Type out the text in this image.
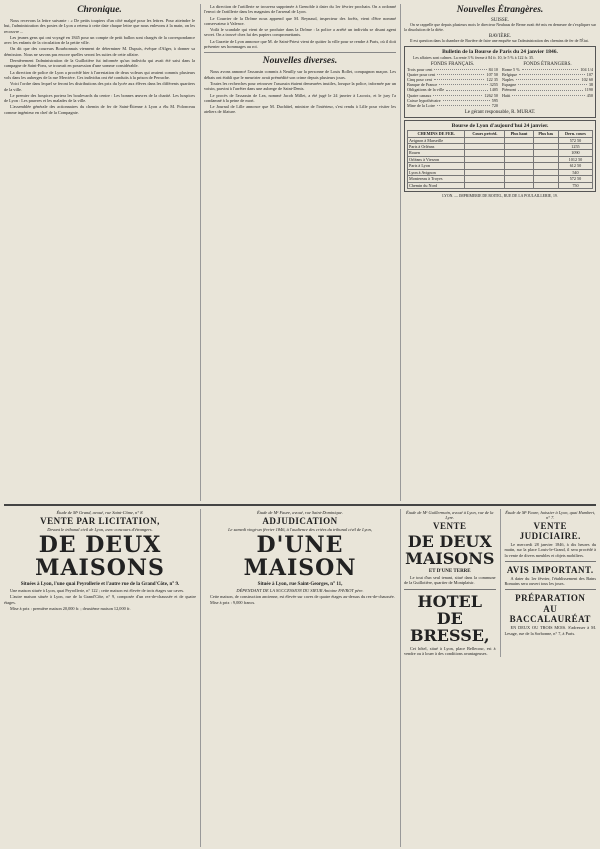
Chronique.

Nous recevons la lettre suivante : « De petits toupiers d'un côté malgré pour les lettres. Pour atteindre le but, l'administration des postes de Lyon a retenu à cette date chaque lettre que nous enlevons à la main, on les recouvre ...

Les jeunes gens qui ont voyagé en 1845 pour un compte de petit ballon sont chargés de la correspondance avec les enfants de la circulation de la petite ville.

On dit que des coureurs Bourbonnais viennent de déterminer M. Dupuis, évêque d'Alger, à donner sa démission. Nous ne savons pas encore quelles seront les suites de cette affaire.

Dernièrement l'administration de la Guillotière fut informée qu'un individu qui avait été saisi dans la campagne de Saint-Fons, se trouvait en possession d'une somme considérable.

La direction de police de Lyon a procédé hier à l'arrestation de deux voleurs qui avaient commis plusieurs vols dans les auberges de la rue Mercière. Ces individus ont été conduits à la prison de Perrache.

Voici l'ordre dans lequel se feront les distributions des prix du lycée aux élèves dans les différents quartiers de la ville.

Le premier des hospices portera les boulevards du centre : Les bonnes œuvres de la charité. Les hospices de Lyon : Les pauvres et les malades de la ville.

L'assemblée générale des actionnaires du chemin de fer de Saint-Étienne à Lyon a élu M. Polonceau comme ingénieur en chef de la Compagnie.

La direction de l'artillerie se trouvera supprimée à Grenoble à dater du 1er février prochain. On a ordonné l'envoi de l'artillerie dans les magasins de l'arsenal de Lyon.

Le Courrier de la Drôme nous apprend que M. Reynaud, inspecteur des forêts, vient d'être nommé conservateur à Valence.

Voilà le scandale qui vient de se produire dans la Drôme : la police a arrêté un individu se disant agent secret. On a trouvé chez lui des papiers compromettants.

La Gazette de Lyon annonce que M. de Saint-Priest vient de quitter la ville pour se rendre à Paris, où il doit présenter ses hommages au roi.

Nouvelles diverses.

Nous avons annoncé l'assassin commis à Neuilly sur la personne de Louis Rollet, compagnon maçon. Les débats ont établi que le meurtrier avait prémédité son crime depuis plusieurs jours.

Toutes les recherches pour retrouver l'assassin étaient demeurées inutiles, lorsque la police, informée par un voisin, parvint à l'arrêter dans une auberge de Saint-Denis.

Le procès de l'assassin de Lea, nommé Jacob Millet, a été jugé le 24 janvier à Lacroix, et le jury l'a condamné à la peine de mort.

Le Journal de Lille annonce que M. Duchâtel, ministre de l'intérieur, s'est rendu à Lille pour visiter les ateliers de filature.

Nouvelles Étrangères.
SUISSE.

On se rappelle que depuis plusieurs mois le directeur Neuhaus de Berne avait été mis en demeure de s'expliquer sur la dissolution de la diète.

BAVIÈRE.

Il est question dans la chambre de Bavière de faire une enquête sur l'administration des chemins de fer de l'État.

Bulletin de la Bourse de Paris du 24 janvier 1846.

Les affaires sont calmes. La rente 3 % ferme à 84 fr. 10, le 5 % à 122 fr. 35.

FONDS FRANÇAIS.
Trois pour cent	84 10
Quatre pour cent	107 50
Cinq pour cent	122 35
Banque de France	3255
Obligations de la ville	1405
Quatre canaux	1262 50
Caisse hypothécaire	595
Mine de la Loire	720
FONDS ÉTRANGERS.
Rome 5 %	104 1/4
Belgique	107
Naples	102 60
Espagne	38
Piémont	1190
Haïti	450
Le gérant responsable, R. MURAT.
Bourse de Lyon d'aujourd'hui 24 janvier.
CHEMINS DE FER.	Cours précéd.	Plus haut	Plus bas	Dern. cours
Avignon à Marseille				572 50
Paris à Orléans				1255
Rouen				1090
Orléans à Vierzon				1012 50
Paris à Lyon				612 50
Lyon à Avignon				540
Montereau à Troyes				572 50
Chemin du Nord				750
LYON. — IMPRIMERIE DE BOITEL, RUE DE LA POULAILLERIE, 19.
Étude de Mᵉ Grand, avoué, rue Saint-Côme, n° 8.
VENTE PAR LICITATION,
Devant le tribunal civil de Lyon, avec concours d'étrangers.
DE DEUX MAISONS
Situées à Lyon, l'une quai Peyrollerie et l'autre rue de la Grand'Côte, n° 9.

Une maison située à Lyon, quai Peyrollerie, n° 122 ; cette maison est élevée de trois étages sur caves.

L'autre maison située à Lyon, rue de la Grand'Côte, n° 9, composée d'un rez-de-chaussée et de quatre étages.

Mise à prix : première maison 20,000 fr. ; deuxième maison 12,000 fr.

Étude de Mᵉ Faure, avoué, rue Saint-Dominique.
ADJUDICATION
Le samedi vingt-un février 1846, à l'audience des criées du tribunal civil de Lyon,
D'UNE MAISON
Située à Lyon, rue Saint-Georges, n° 11,
DÉPENDANT DE LA SUCCESSION DU SIEUR Antoine FAVROT père.

Cette maison, de construction ancienne, est élevée sur caves de quatre étages au-dessus du rez-de-chaussée.

Mise à prix : 9,000 francs.

Étude de Mᵉ Guillermain, avoué à Lyon, rue de la Lyre.
VENTE
DE DEUX MAISONS
ET D'UNE TERRE

Le tout d'un seul tenant, situé dans la commune de la Guillotière, quartier de Montplaisir.

HOTEL DE BRESSE,

Cet hôtel, situé à Lyon, place Bellecour, est à vendre ou à louer à des conditions avantageuses.

Étude de Mᵉ Faure, huissier à Lyon, quai Humbert, n° 7.
VENTE JUDICIAIRE.

Le mercredi 28 janvier 1846, à dix heures du matin, sur la place Louis-le-Grand, il sera procédé à la vente de divers meubles et objets mobiliers.

AVIS IMPORTANT.

A dater du 1er février, l'établissement des Bains Romains sera ouvert tous les jours.

PRÉPARATION
AU BACCALAURÉAT

EN DEUX OU TROIS MOIS. S'adresser à M. Lesage, rue de la Sorbonne, n° 7, à Paris.
